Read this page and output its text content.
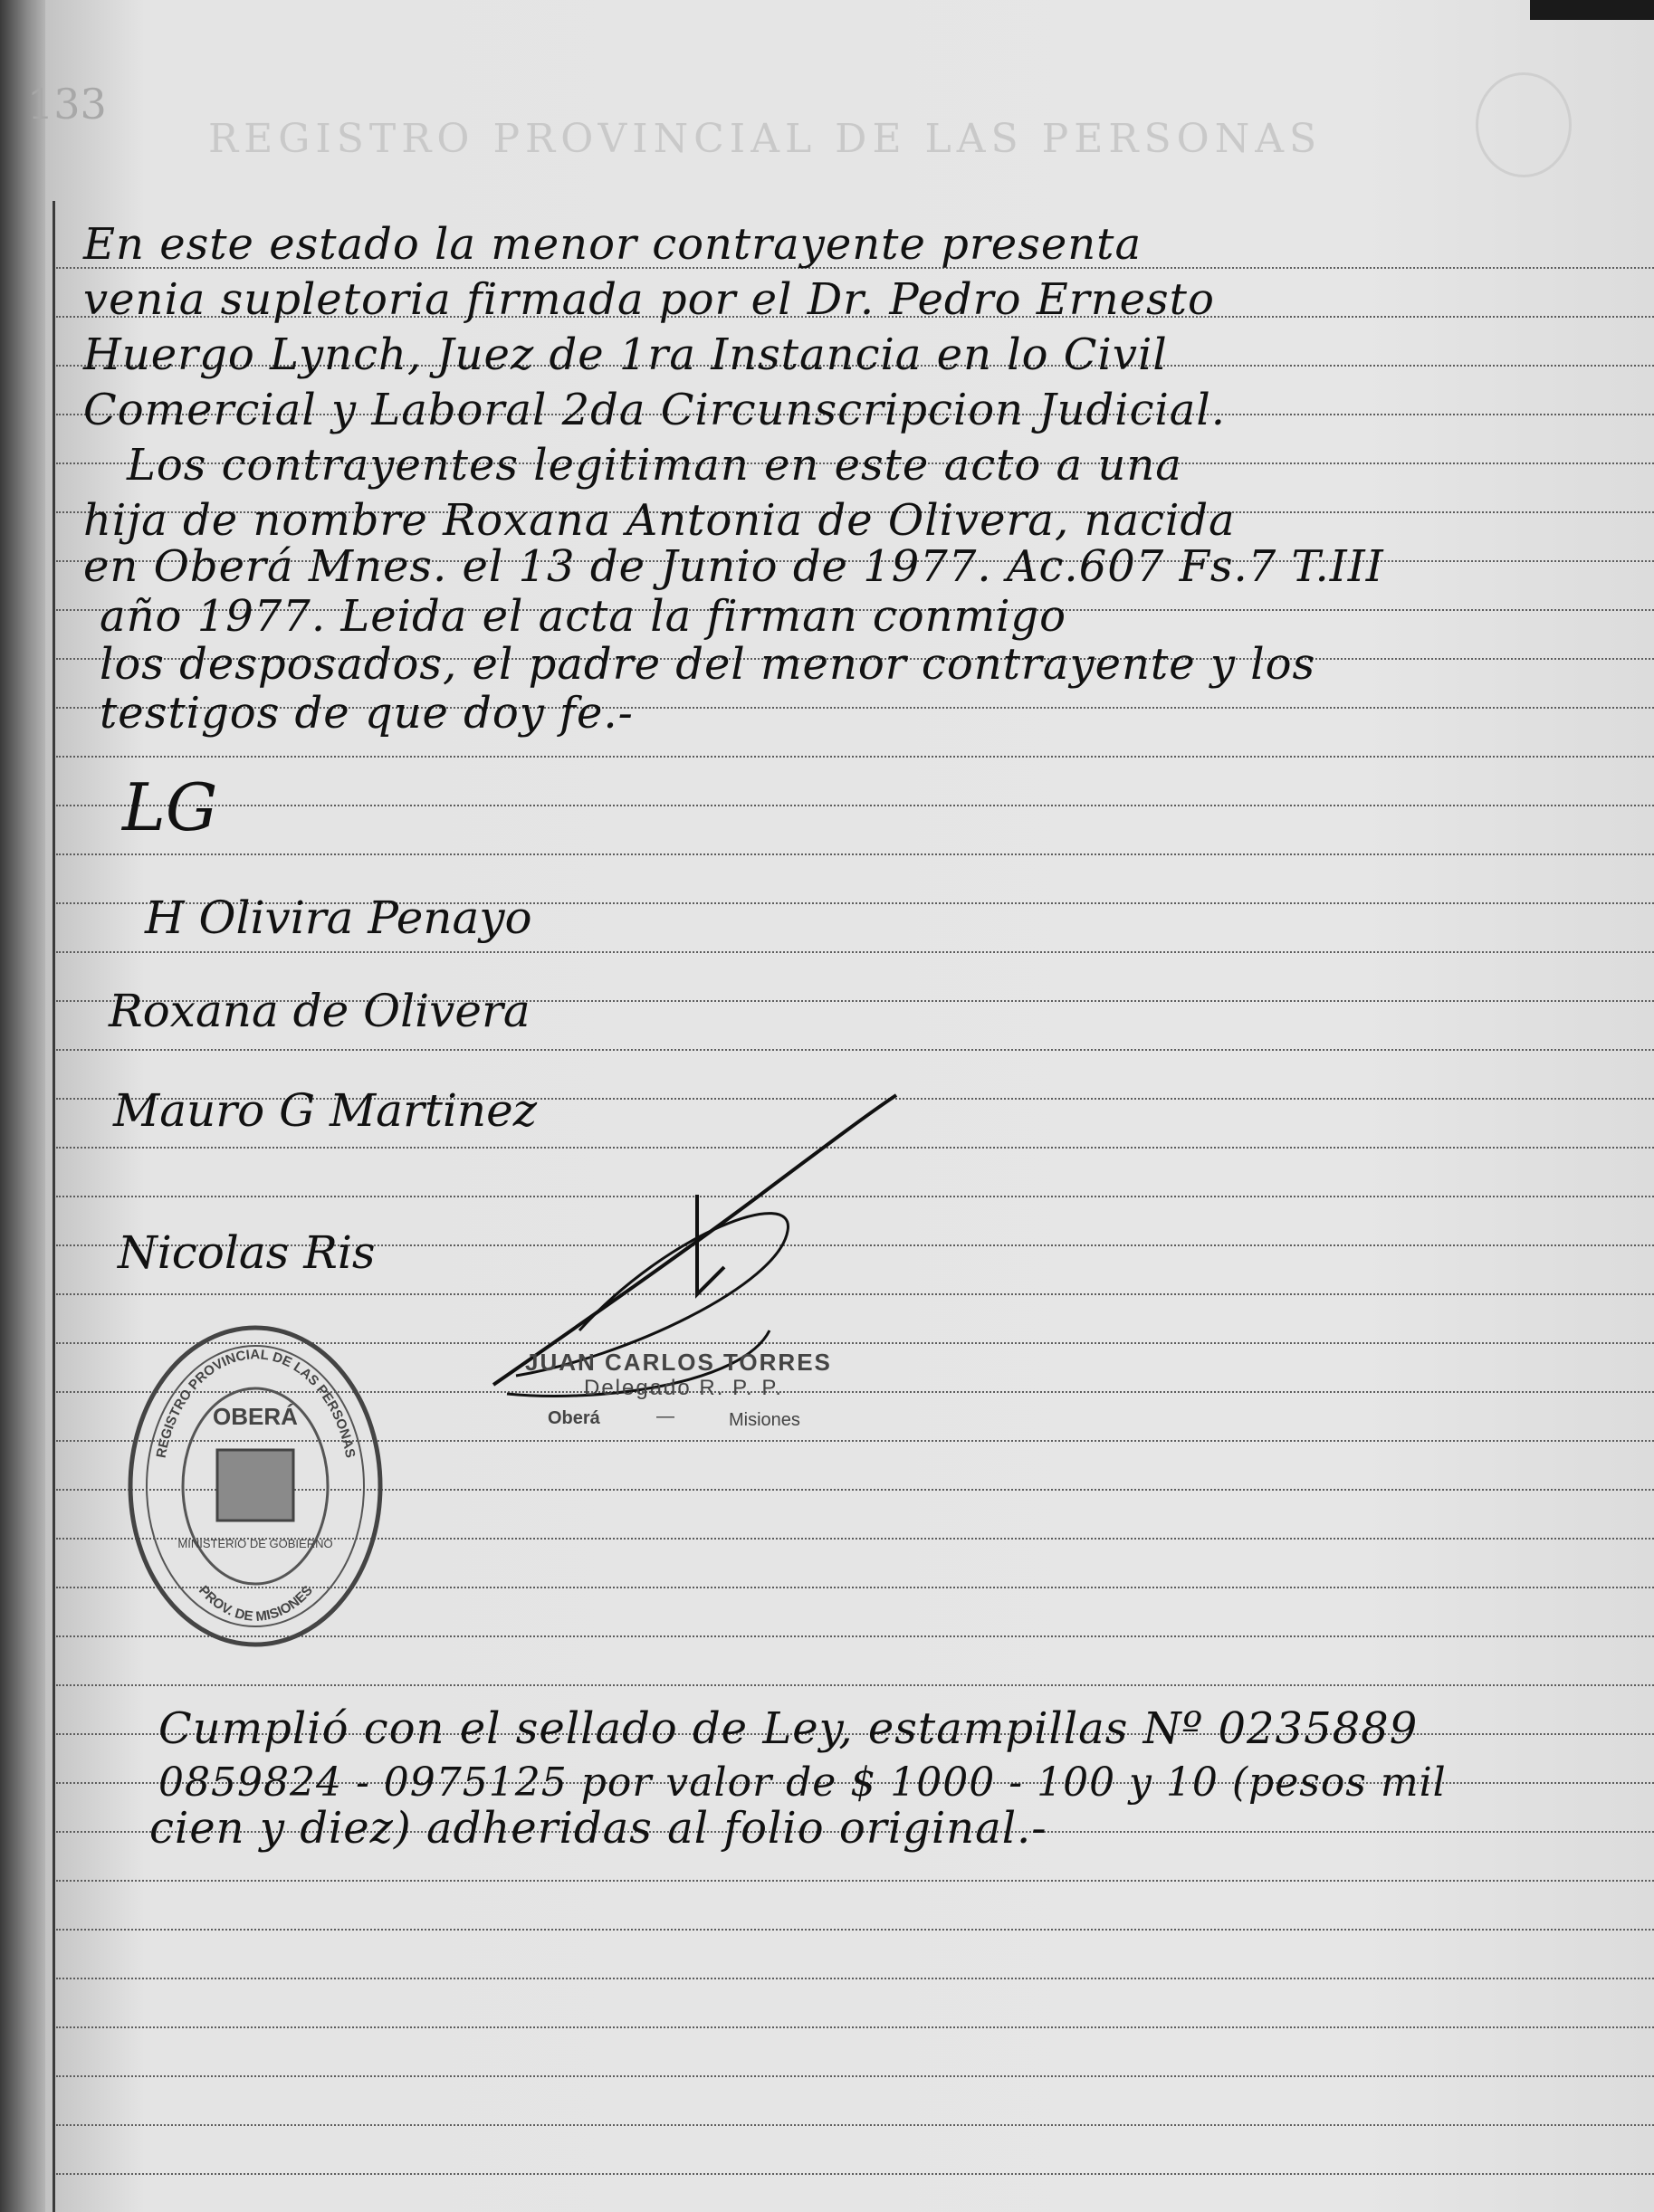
133
REGISTRO PROVINCIAL DE LAS PERSONAS
En este estado la menor contrayente presenta
venia supletoria firmada por el Dr. Pedro Ernesto
Huergo Lynch, Juez de 1ra Instancia en lo Civil
Comercial y Laboral 2da Circunscripcion Judicial.
Los contrayentes legitiman en este acto a una
hija de nombre Roxana Antonia de Olivera, nacida
en Oberá Mnes. el 13 de Junio de 1977. Ac.607 Fs.7 T.III
año 1977. Leida el acta la firman conmigo
los desposados, el padre del menor contrayente y los
testigos de que doy fe.-
LG
H Olivira Penayo
Roxana de Olivera
Mauro G Martinez
Nicolas Ris
JUAN CARLOS TORRES
Delegado R. P. P.
Oberá	—	Misiones
REGISTRO PROVINCIAL DE LAS PERSONAS
PROV. DE MISIONES
OBERÁ
MINISTERIO DE GOBIERNO
Cumplió con el sellado de Ley, estampillas Nº 0235889
0859824 - 0975125 por valor de $ 1000 - 100 y 10 (pesos mil
cien y diez) adheridas al folio original.-
